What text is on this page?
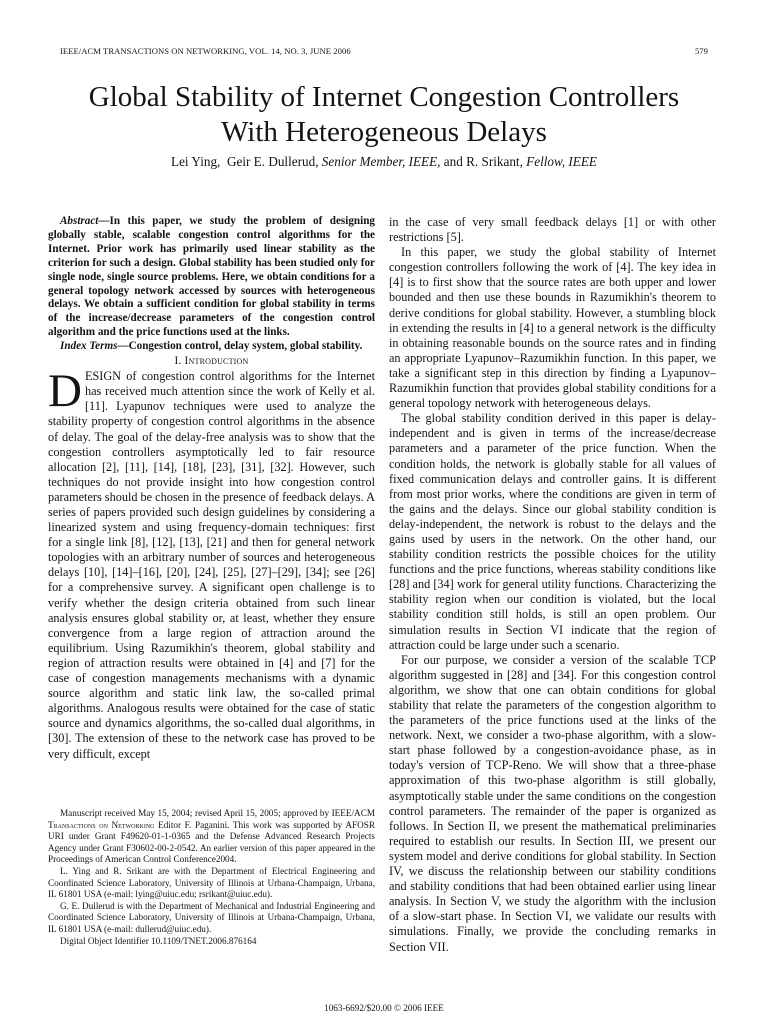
IEEE/ACM TRANSACTIONS ON NETWORKING, VOL. 14, NO. 3, JUNE 2006	579
Global Stability of Internet Congestion Controllers
With Heterogeneous Delays
Lei Ying, Geir E. Dullerud, Senior Member, IEEE, and R. Srikant, Fellow, IEEE

Abstract—In this paper, we study the problem of designing globally stable, scalable congestion control algorithms for the Internet. Prior work has primarily used linear stability as the criterion for such a design. Global stability has been studied only for single node, single source problems. Here, we obtain conditions for a general topology network accessed by sources with heterogeneous delays. We obtain a sufficient condition for global stability in terms of the increase/decrease parameters of the congestion control algorithm and the price functions used at the links.

Index Terms—Congestion control, delay system, global stability.

I. Introduction

DESIGN of congestion control algorithms for the Internet has received much attention since the work of Kelly et al. [11]. Lyapunov techniques were used to analyze the stability property of congestion control algorithms in the absence of delay. The goal of the delay-free analysis was to show that the congestion controllers asymptotically led to fair resource allocation [2], [11], [14], [18], [23], [31], [32]. However, such techniques do not provide insight into how congestion control parameters should be chosen in the presence of feedback delays. A series of papers provided such design guidelines by considering a linearized system and using frequency-domain techniques: first for a single link [8], [12], [13], [21] and then for general network topologies with an arbitrary number of sources and heterogeneous delays [10], [14]–[16], [20], [24], [25], [27]–[29], [34]; see [26] for a comprehensive survey. A significant open challenge is to verify whether the design criteria obtained from such linear analysis ensures global stability or, at least, whether they ensure convergence from a large region of attraction around the equilibrium. Using Razumikhin's theorem, global stability and region of attraction results were obtained in [4] and [7] for the case of congestion managements mechanisms with a dynamic source algorithm and static link law, the so-called primal algorithms. Analogous results were obtained for the case of static source and dynamics algorithms, the so-called dual algorithms, in [30]. The extension of these to the network case has proved to be very difficult, except

in the case of very small feedback delays [1] or with other restrictions [5].

In this paper, we study the global stability of Internet congestion controllers following the work of [4]. The key idea in [4] is to first show that the source rates are both upper and lower bounded and then use these bounds in Razumikhin's theorem to derive conditions for global stability. However, a stumbling block in extending the results in [4] to a general network is the difficulty in obtaining reasonable bounds on the source rates and in finding an appropriate Lyapunov–Razumikhin function. In this paper, we take a significant step in this direction by finding a Lyapunov–Razumikhin function that provides global stability conditions for a general topology network with heterogeneous delays.

The global stability condition derived in this paper is delay-independent and is given in terms of the increase/decrease parameters and a parameter of the price function. When the condition holds, the network is globally stable for all values of fixed communication delays and controller gains. It is different from most prior works, where the conditions are given in term of the gains and the delays. Since our global stability condition is delay-independent, the network is robust to the delays and the gains used by users in the network. On the other hand, our stability condition restricts the possible choices for the utility functions and the price functions, whereas stability conditions like [28] and [34] work for general utility functions. Characterizing the stability region when our condition is violated, but the local stability condition still holds, is still an open problem. Our simulation results in Section VI indicate that the region of attraction could be large under such a scenario.

For our purpose, we consider a version of the scalable TCP algorithm suggested in [28] and [34]. For this congestion control algorithm, we show that one can obtain conditions for global stability that relate the parameters of the congestion algorithm to the parameters of the price functions used at the links of the network. Next, we consider a two-phase algorithm, with a slow-start phase followed by a congestion-avoidance phase, as in today's version of TCP-Reno. We will show that a three-phase approximation of this two-phase algorithm is still globally, asymptotically stable under the same conditions on the congestion control parameters. The remainder of the paper is organized as follows. In Section II, we present the mathematical preliminaries required to establish our results. In Section III, we present our system model and derive conditions for global stability. In Section IV, we discuss the relationship between our stability conditions and stability conditions that had been obtained earlier using linear analysis. In Section V, we study the algorithm with the inclusion of a slow-start phase. In Section VI, we validate our results with simulations. Finally, we provide the concluding remarks in Section VII.

Manuscript received May 15, 2004; revised April 15, 2005; approved by IEEE/ACM Transactions on Networking Editor F. Paganini. This work was supported by AFOSR URI under Grant F49620-01-1-0365 and the Defense Advanced Research Projects Agency under Grant F30602-00-2-0542. An earlier version of this paper appeared in the Proceedings of American Control Conference2004.

L. Ying and R. Srikant are with the Department of Electrical Engineering and Coordinated Science Laboratory, University of Illinois at Urbana-Champaign, Urbana, IL 61801 USA (e-mail: lying@uiuc.edu; rsrikant@uiuc.edu).

G. E. Dullerud is with the Department of Mechanical and Industrial Engineering and Coordinated Science Laboratory, University of Illinois at Urbana-Champaign, Urbana, IL 61801 USA (e-mail: dullerud@uiuc.edu).

Digital Object Identifier 10.1109/TNET.2006.876164

1063-6692/$20.00 © 2006 IEEE
